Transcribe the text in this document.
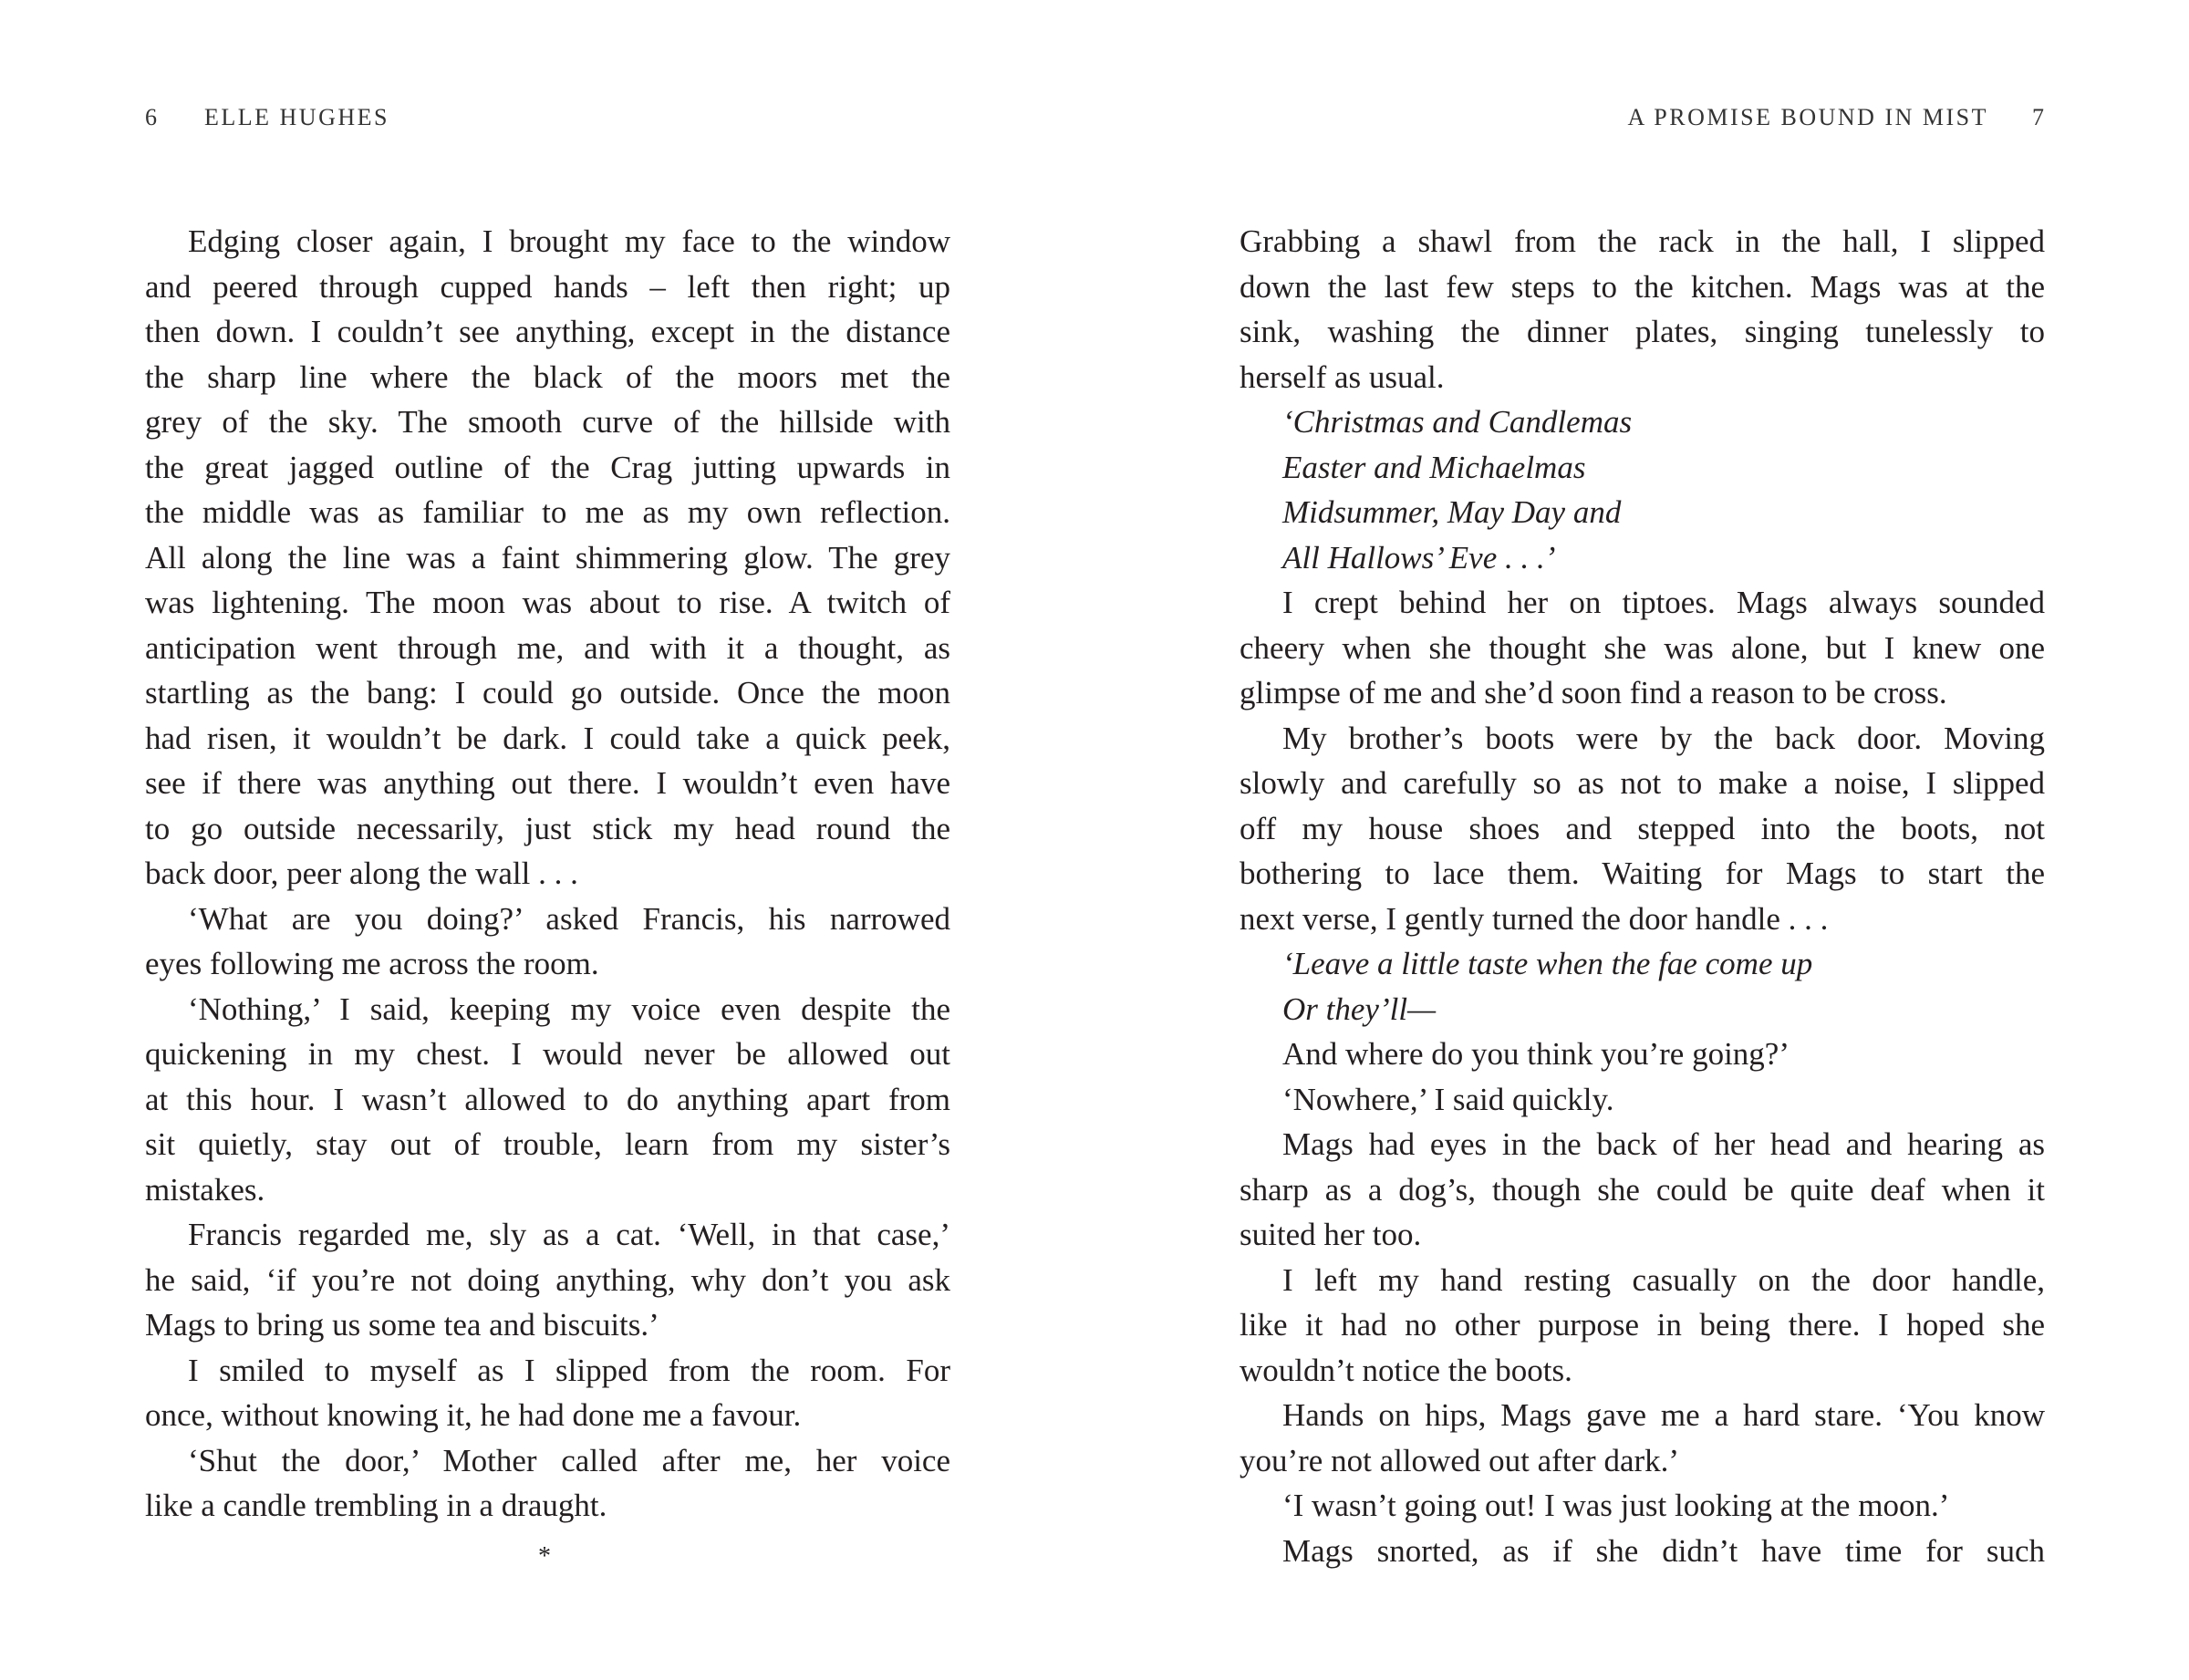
6 ELLE HUGHES	A PROMISE BOUND IN MIST 7
Edging closer again, I brought my face to the window
and peered through cupped hands – left then right; up
then down. I couldn’t see anything, except in the distance
the sharp line where the black of the moors met the
grey of the sky. The smooth curve of the hillside with
the great jagged outline of the Crag jutting upwards in
the middle was as familiar to me as my own reflection.
All along the line was a faint shimmering glow. The grey
was lightening. The moon was about to rise. A twitch of
anticipation went through me, and with it a thought, as
startling as the bang: I could go outside. Once the moon
had risen, it wouldn’t be dark. I could take a quick peek,
see if there was anything out there. I wouldn’t even have
to go outside necessarily, just stick my head round the
back door, peer along the wall . . .
‘What are you doing?’ asked Francis, his narrowed
eyes following me across the room.
‘Nothing,’ I said, keeping my voice even despite the
quickening in my chest. I would never be allowed out
at this hour. I wasn’t allowed to do anything apart from
sit quietly, stay out of trouble, learn from my sister’s
mistakes.
Francis regarded me, sly as a cat. ‘Well, in that case,’
he said, ‘if you’re not doing anything, why don’t you ask
Mags to bring us some tea and biscuits.’
I smiled to myself as I slipped from the room. For
once, without knowing it, he had done me a favour.
‘Shut the door,’ Mother called after me, her voice
like a candle trembling in a draught.
*
Grabbing a shawl from the rack in the hall, I slipped
down the last few steps to the kitchen. Mags was at the
sink, washing the dinner plates, singing tunelessly to
herself as usual.
‘Christmas and Candlemas
Easter and Michaelmas
Midsummer, May Day and
All Hallows’ Eve . . .’
I crept behind her on tiptoes. Mags always sounded
cheery when she thought she was alone, but I knew one
glimpse of me and she’d soon find a reason to be cross.
My brother’s boots were by the back door. Moving
slowly and carefully so as not to make a noise, I slipped
off my house shoes and stepped into the boots, not
bothering to lace them. Waiting for Mags to start the
next verse, I gently turned the door handle . . .
‘Leave a little taste when the fae come up
Or they’ll—
And where do you think you’re going?’
‘Nowhere,’ I said quickly.
Mags had eyes in the back of her head and hearing as
sharp as a dog’s, though she could be quite deaf when it
suited her too.
I left my hand resting casually on the door handle,
like it had no other purpose in being there. I hoped she
wouldn’t notice the boots.
Hands on hips, Mags gave me a hard stare. ‘You know
you’re not allowed out after dark.’
‘I wasn’t going out! I was just looking at the moon.’
Mags snorted, as if she didn’t have time for such
